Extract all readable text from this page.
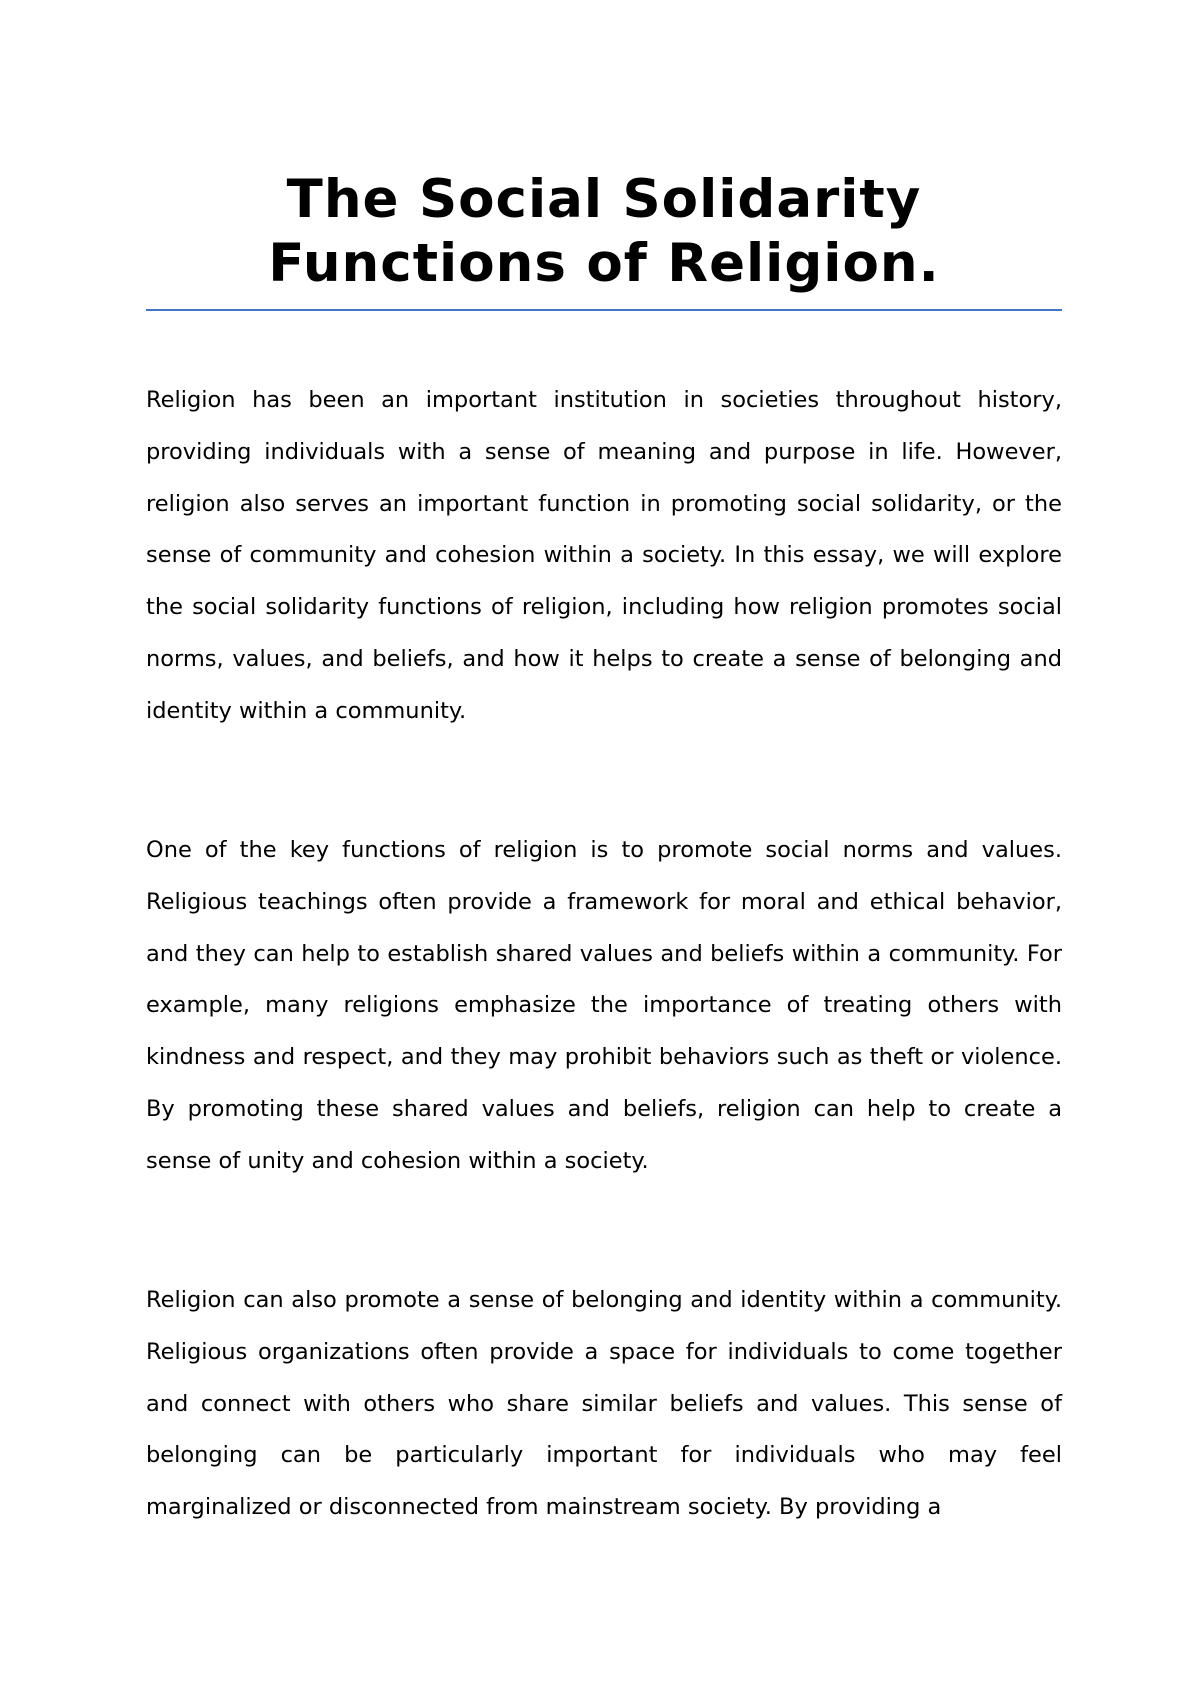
The Social Solidarity
Functions of Religion.

Religion has been an important institution in societies throughout history, providing individuals with a sense of meaning and purpose in life. However, religion also serves an important function in promoting social solidarity, or the sense of community and cohesion within a society. In this essay, we will explore the social solidarity functions of religion, including how religion promotes social norms, values, and beliefs, and how it helps to create a sense of belonging and identity within a community.

One of the key functions of religion is to promote social norms and values. Religious teachings often provide a framework for moral and ethical behavior, and they can help to establish shared values and beliefs within a community. For example, many religions emphasize the importance of treating others with kindness and respect, and they may prohibit behaviors such as theft or violence. By promoting these shared values and beliefs, religion can help to create a sense of unity and cohesion within a society.

Religion can also promote a sense of belonging and identity within a community. Religious organizations often provide a space for individuals to come together and connect with others who share similar beliefs and values. This sense of belonging can be particularly important for individuals who may feel marginalized or disconnected from mainstream society. By providing a
